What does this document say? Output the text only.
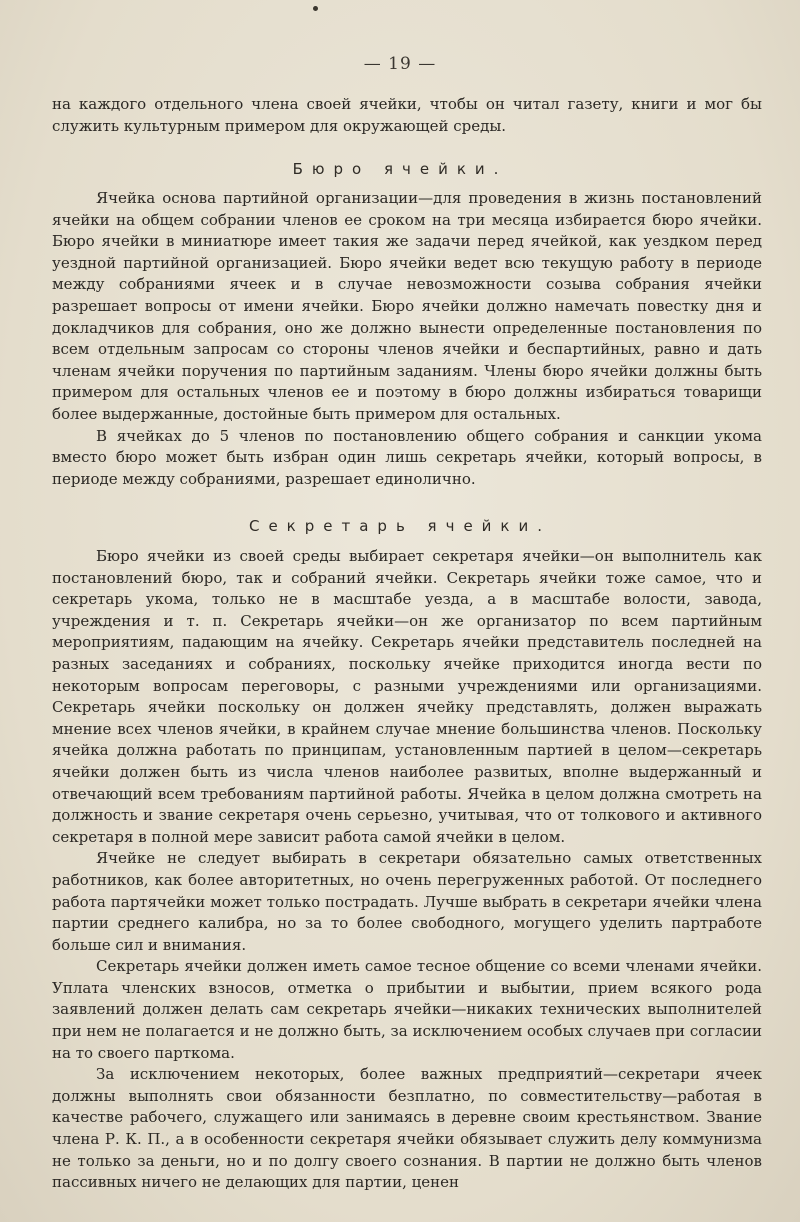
— 19 —

на каждого отдельного члена своей ячейки, чтобы он читал газету, книги и мог бы служить культурным примером для окружающей среды.

Бюро ячейки.

Ячейка основа партийной организации—для проведения в жизнь постановлений ячейки на общем собрании членов ее сроком на три месяца избирается бюро ячейки. Бюро ячейки в миниатюре имеет такия же задачи перед ячейкой, как уездком перед уездной партийной организацией. Бюро ячейки ведет всю текущую работу в периоде между собраниями ячеек и в случае невозможности созыва собрания ячейки разрешает вопросы от имени ячейки. Бюро ячейки должно намечать повестку дня и докладчиков для собрания, оно же должно вынести определенные постановления по всем отдельным запросам со стороны членов ячейки и беспартийных, равно и дать членам ячейки поручения по партийным заданиям. Члены бюро ячейки должны быть примером для остальных членов ее и поэтому в бюро должны избираться товарищи более выдержанные, достойные быть примером для остальных.

В ячейках до 5 членов по постановлению общего собрания и санкции укома вместо бюро может быть избран один лишь секретарь ячейки, который вопросы, в периоде между собраниями, разрешает единолично.

Секретарь ячейки.

Бюро ячейки из своей среды выбирает секретаря ячейки—он выполнитель как постановлений бюро, так и собраний ячейки. Секретарь ячейки тоже самое, что и секретарь укома, только не в масштабе уезда, а в масштабе волости, завода, учреждения и т. п. Секретарь ячейки—он же организатор по всем партийным мероприятиям, падающим на ячейку. Секретарь ячейки представитель последней на разных заседаниях и собраниях, поскольку ячейке приходится иногда вести по некоторым вопросам переговоры, с разными учреждениями или организациями. Секретарь ячейки поскольку он должен ячейку представлять, должен выражать мнение всех членов ячейки, в крайнем случае мнение большинства членов. Поскольку ячейка должна работать по принципам, установленным партией в целом—секретарь ячейки должен быть из числа членов наиболее развитых, вполне выдержанный и отвечающий всем требованиям партийной работы. Ячейка в целом должна смотреть на должность и звание секретаря очень серьезно, учитывая, что от толкового и активного секретаря в полной мере зависит работа самой ячейки в целом.

Ячейке не следует выбирать в секретари обязательно самых ответственных работников, как более авторитетных, но очень перегруженных работой. От последнего работа партячейки может только пострадать. Лучше выбрать в секретари ячейки члена партии среднего калибра, но за то более свободного, могущего уделить партработе больше сил и внимания.

Секретарь ячейки должен иметь самое тесное общение со всеми членами ячейки. Уплата членских взносов, отметка о прибытии и выбытии, прием всякого рода заявлений должен делать сам секретарь ячейки—никаких технических выполнителей при нем не полагается и не должно быть, за исключением особых случаев при согласии на то своего парткома.

За исключением некоторых, более важных предприятий—секретари ячеек должны выполнять свои обязанности безплатно, по совместительству—работая в качестве рабочего, служащего или занимаясь в деревне своим крестьянством. Звание члена Р. К. П., а в особенности секретаря ячейки обязывает служить делу коммунизма не только за деньги, но и по долгу своего сознания. В партии не должно быть членов пассивных ничего не делающих для партии, ценен
